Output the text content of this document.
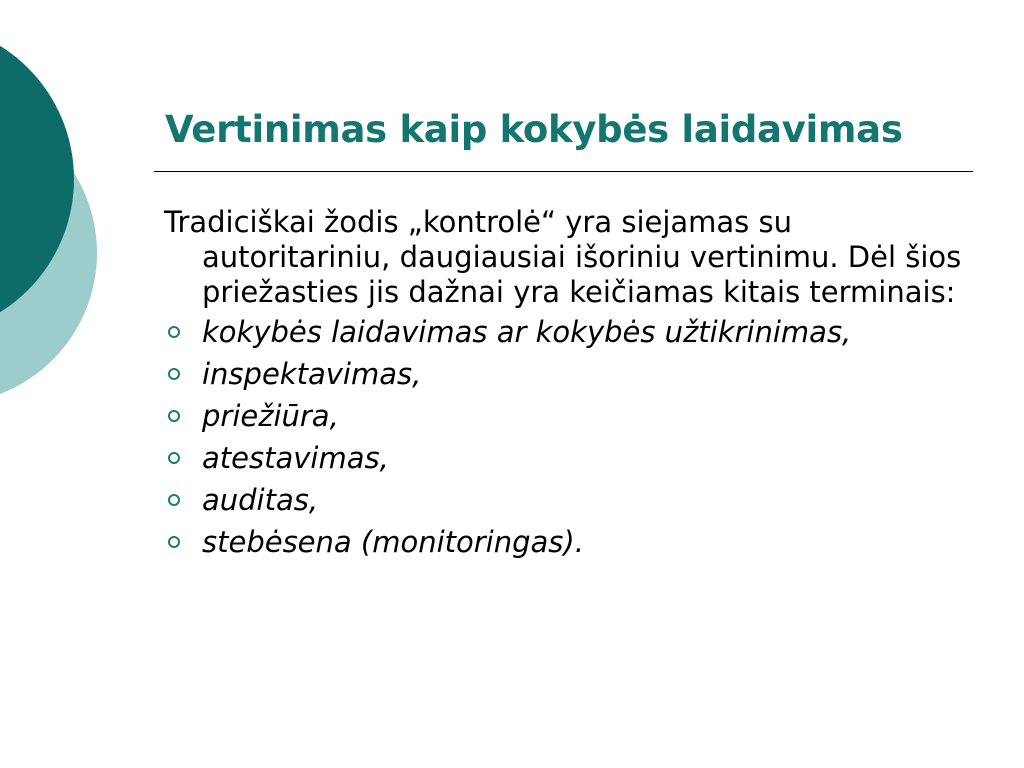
Vertinimas kaip kokybės laidavimas

Tradiciškai žodis „kontrolė“ yra siejamas su autoritariniu, daugiausiai išoriniu vertinimu. Dėl šios priežasties jis dažnai yra keičiamas kitais terminais:

kokybės laidavimas ar kokybės užtikrinimas,
inspektavimas,
priežiūra,
atestavimas,
auditas,
stebėsena (monitoringas).
